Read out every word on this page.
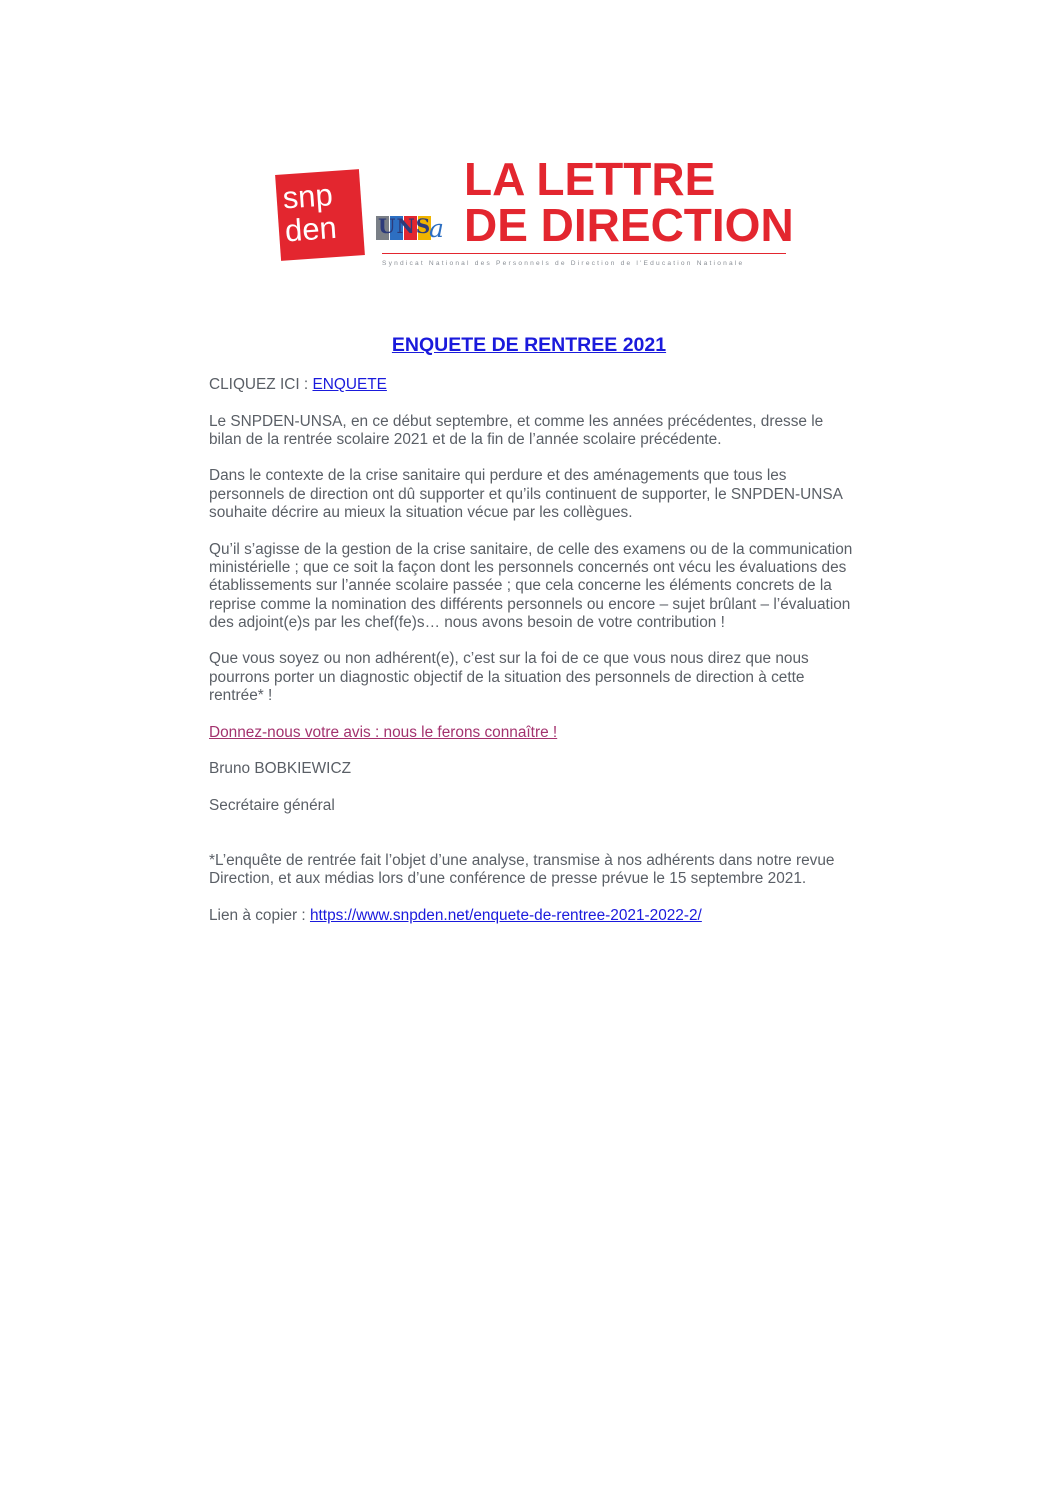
snp
den	UNS
a
LA LETTRE
DE DIRECTION
Syndicat National des Personnels de Direction de l'Education Nationale
ENQUETE DE RENTREE 2021

CLIQUEZ ICI : ENQUETE

Le SNPDEN-UNSA, en ce début septembre, et comme les années précédentes, dresse le bilan de la rentrée scolaire 2021 et de la fin de l’année scolaire précédente.

Dans le contexte de la crise sanitaire qui perdure et des aménagements que tous les personnels de direction ont dû supporter et qu’ils continuent de supporter, le SNPDEN-UNSA souhaite décrire au mieux la situation vécue par les collègues.

Qu’il s’agisse de la gestion de la crise sanitaire, de celle des examens ou de la communication ministérielle ; que ce soit la façon dont les personnels concernés ont vécu les évaluations des établissements sur l’année scolaire passée ; que cela concerne les éléments concrets de la reprise comme la nomination des différents personnels ou encore – sujet brûlant – l’évaluation des adjoint(e)s par les chef(fe)s… nous avons besoin de votre contribution !

Que vous soyez ou non adhérent(e), c’est sur la foi de ce que vous nous direz que nous pourrons porter un diagnostic objectif de la situation des personnels de direction à cette rentrée* !

Donnez-nous votre avis : nous le ferons connaître !

Bruno BOBKIEWICZ

Secrétaire général

*L’enquête de rentrée fait l’objet d’une analyse, transmise à nos adhérents dans notre revue Direction, et aux médias lors d’une conférence de presse prévue le 15 septembre 2021.

Lien à copier : https://www.snpden.net/enquete-de-rentree-2021-2022-2/
